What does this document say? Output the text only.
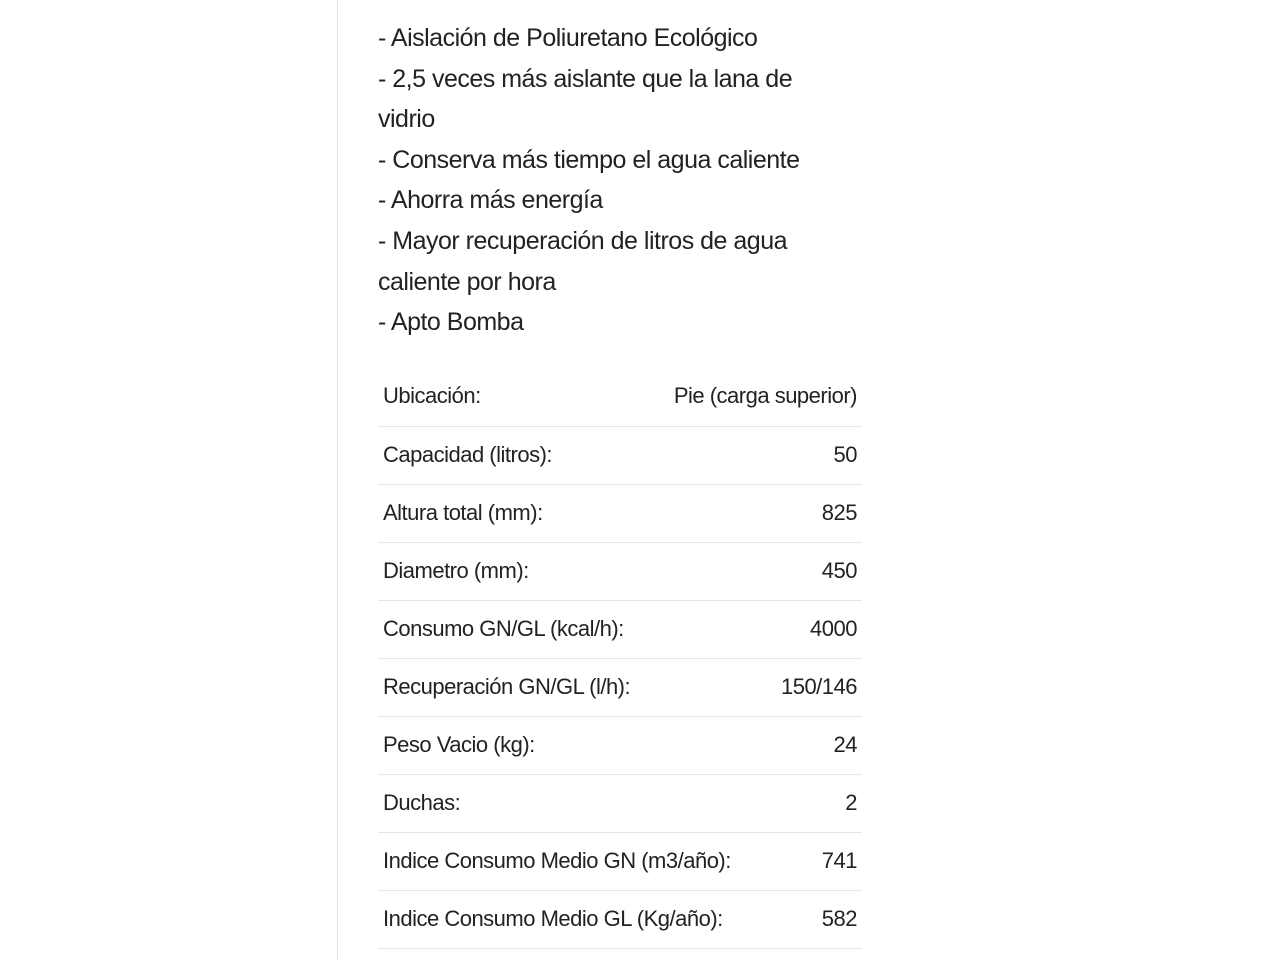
- Aislación de Poliuretano Ecológico
- 2,5 veces más aislante que la lana de vidrio
- Conserva más tiempo el agua caliente
- Ahorra más energía
- Mayor recuperación de litros de agua caliente por hora
- Apto Bomba
Ubicación:	Pie (carga superior)
Capacidad (litros):	50
Altura total (mm):	825
Diametro (mm):	450
Consumo GN/GL (kcal/h):	4000
Recuperación GN/GL (l/h):	150/146
Peso Vacio (kg):	24
Duchas:	2
Indice Consumo Medio GN (m3/año):	741
Indice Consumo Medio GL (Kg/año):	582
